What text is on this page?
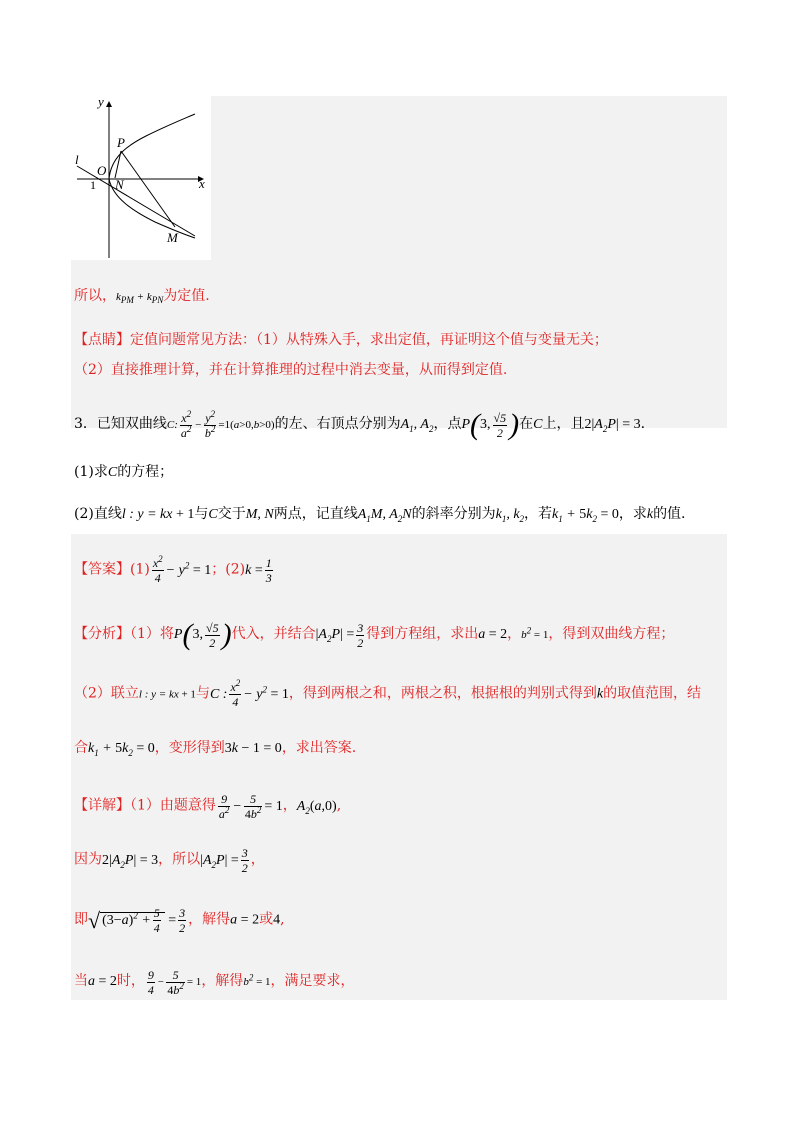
y
x
l
P
O
N
1
M
所以，$k_{PM} + k_{PN}$为定值.
【点睛】定值问题常见方法：（1）从特殊入手，求出定值，再证明这个值与变量无关；
（2）直接推理计算，并在计算推理的过程中消去变量，从而得到定值.
3．已知双曲线C: $\frac{x^2}{a^2} - \frac{y^2}{b^2} =1(a>0,b>0)$的左、右顶点分别为$A_1$, $A_2$，点P(3, $\frac{√5}{2}$ )在C上，且$2|A_2P| = 3$.
(1)求C的方程；
(2)直线l : y = kx + 1与C交于M, N两点，记直线$A_1M$, $A_2N$的斜率分别为$k_1$, $k_2$，若$k_1 + 5k_2 = 0$，求k的值.
【答案】$(1) \frac{x^2}{4} - y^2 = 1$；$(2)k = \frac{1}{3}$
【分析】（1）将P(3, $\frac{√5}{2}$ )代入，并结合$|A_2P| = \frac{3}{2}$ 得到方程组，求出a = 2，$b^2 = 1$，得到双曲线方程；
（2）联立l : y = kx + 1与C : $\frac{x^2}{4} - y^2 = 1$，得到两根之和，两根之积，根据根的判别式得到k的取值范围，结
合$k_1 + 5k_2 = 0$，变形得到3k − 1 = 0，求出答案.
【详解】（1）由题意得 $\frac{9}{a^2} - \frac{5}{4b^2} = 1$，$A_2(a,0)$,
因为$2|A_2P| = 3$，所以$|A_2P| = \frac{3}{2}$ ，
即√ $(3-a)^2 + \frac{5}{4} = \frac{3}{2}$ ，解得a = 2或4,
当a = 2时， $\frac{9}{4} - \frac{5}{4b^2} = 1$，解得$b^2 = 1$，满足要求，
